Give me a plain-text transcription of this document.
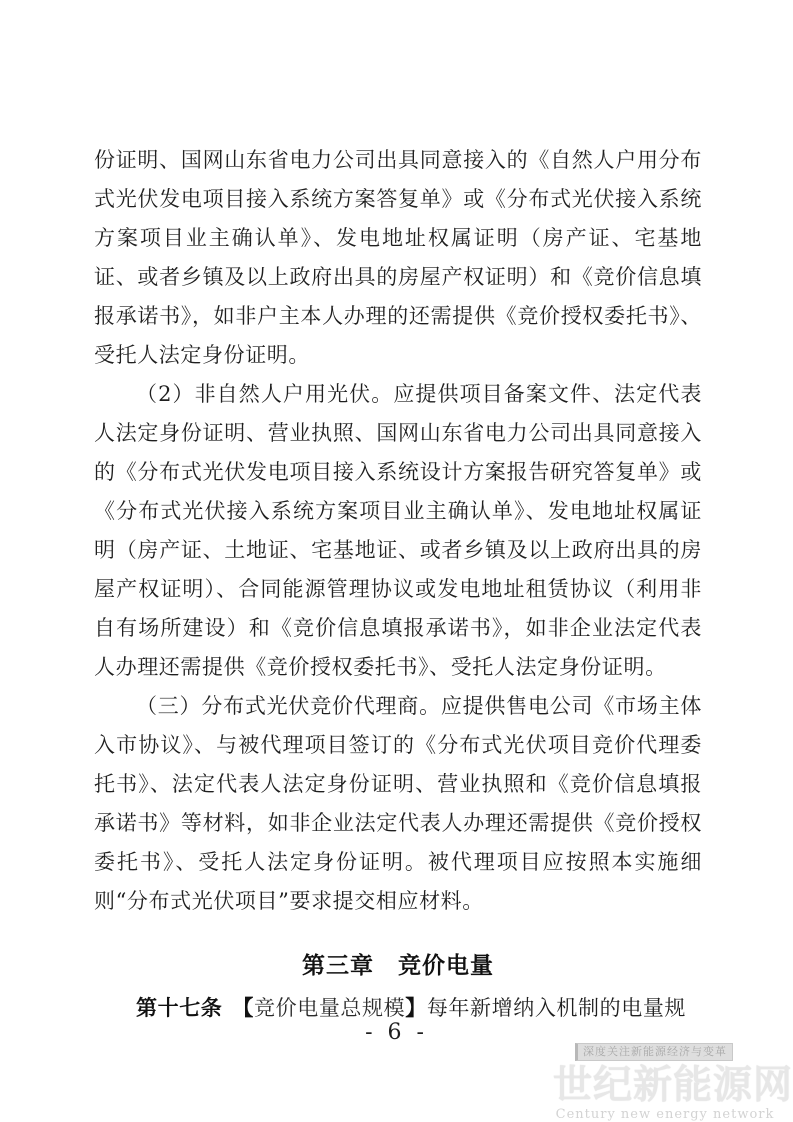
份证明、国网山东省电力公司出具同意接入的《自然人户用分布式光伏发电项目接入系统方案答复单》或《分布式光伏接入系统方案项目业主确认单》、发电地址权属证明（房产证、宅基地证、或者乡镇及以上政府出具的房屋产权证明）和《竞价信息填报承诺书》，如非户主本人办理的还需提供《竞价授权委托书》、受托人法定身份证明。

（2）非自然人户用光伏。应提供项目备案文件、法定代表人法定身份证明、营业执照、国网山东省电力公司出具同意接入的《分布式光伏发电项目接入系统设计方案报告研究答复单》或《分布式光伏接入系统方案项目业主确认单》、发电地址权属证明（房产证、土地证、宅基地证、或者乡镇及以上政府出具的房屋产权证明）、合同能源管理协议或发电地址租赁协议（利用非自有场所建设）和《竞价信息填报承诺书》，如非企业法定代表人办理还需提供《竞价授权委托书》、受托人法定身份证明。

（三）分布式光伏竞价代理商。应提供售电公司《市场主体入市协议》、与被代理项目签订的《分布式光伏项目竞价代理委托书》、法定代表人法定身份证明、营业执照和《竞价信息填报承诺书》等材料，如非企业法定代表人办理还需提供《竞价授权委托书》、受托人法定身份证明。被代理项目应按照本实施细则“分布式光伏项目”要求提交相应材料。

第三章　竞价电量

第十七条 【竞价电量总规模】每年新增纳入机制的电量规

- 6 -
深度关注新能源经济与变革
世纪新能源网
Century new energy network
